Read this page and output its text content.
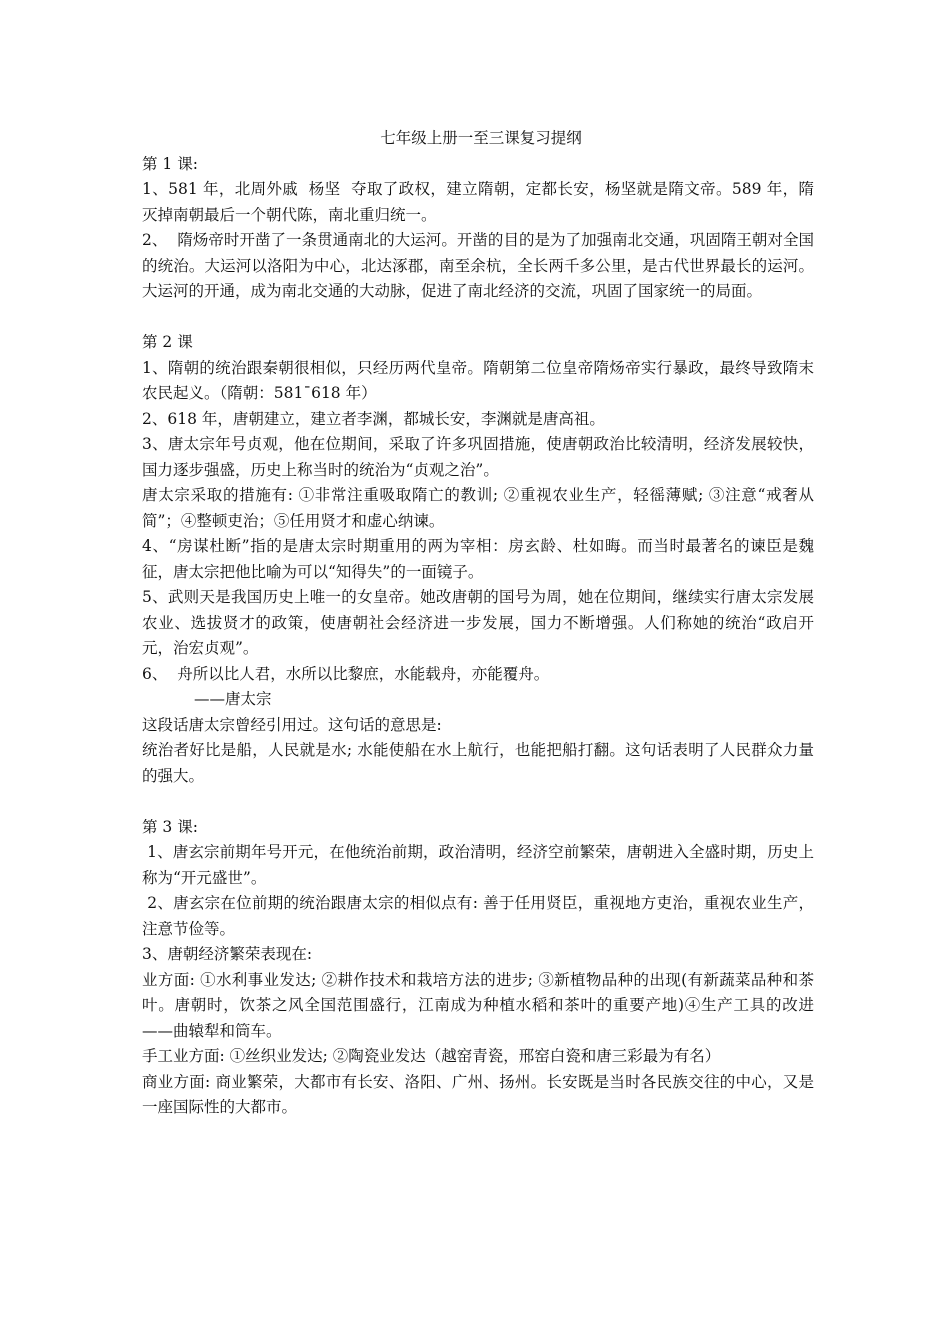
七年级上册一至三课复习提纲

第 1 课:

1、581 年，北周外戚  杨坚  夺取了政权，建立隋朝，定都长安，杨坚就是隋文帝。589 年，隋灭掉南朝最后一个朝代陈，南北重归统一。

2、  隋炀帝时开凿了一条贯通南北的大运河。开凿的目的是为了加强南北交通，巩固隋王朝对全国的统治。大运河以洛阳为中心，北达涿郡，南至余杭，全长两千多公里，是古代世界最长的运河。大运河的开通，成为南北交通的大动脉，促进了南北经济的交流，巩固了国家统一的局面。

第 2 课

1、隋朝的统治跟秦朝很相似，只经历两代皇帝。隋朝第二位皇帝隋炀帝实行暴政，最终导致隋末农民起义。（隋朝：581¯618 年）

2、618 年，唐朝建立，建立者李渊，都城长安，李渊就是唐高祖。

3、唐太宗年号贞观，他在位期间，采取了许多巩固措施，使唐朝政治比较清明，经济发展较快，国力逐步强盛，历史上称当时的统治为“贞观之治”。

唐太宗采取的措施有: ①非常注重吸取隋亡的教训; ②重视农业生产，轻徭薄赋; ③注意“戒奢从简”；④整顿吏治；⑤任用贤才和虚心纳谏。

4、“房谋杜断”指的是唐太宗时期重用的两为宰相：房玄龄、杜如晦。而当时最著名的谏臣是魏征，唐太宗把他比喻为可以“知得失”的一面镜子。

5、武则天是我国历史上唯一的女皇帝。她改唐朝的国号为周，她在位期间，继续实行唐太宗发展农业、选拔贤才的政策，使唐朝社会经济进一步发展，国力不断增强。人们称她的统治“政启开元，治宏贞观”。

6、  舟所以比人君，水所以比黎庶，水能载舟，亦能覆舟。

——唐太宗

这段话唐太宗曾经引用过。这句话的意思是:

统治者好比是船，人民就是水; 水能使船在水上航行，也能把船打翻。这句话表明了人民群众力量的强大。

第 3 课:

1、唐玄宗前期年号开元，在他统治前期，政治清明，经济空前繁荣，唐朝进入全盛时期，历史上称为“开元盛世”。

2、唐玄宗在位前期的统治跟唐太宗的相似点有: 善于任用贤臣，重视地方吏治，重视农业生产，注意节俭等。

3、唐朝经济繁荣表现在:

业方面: ①水利事业发达; ②耕作技术和栽培方法的进步; ③新植物品种的出现(有新蔬菜品种和茶叶。唐朝时，饮茶之风全国范围盛行，江南成为种植水稻和茶叶的重要产地)④生产工具的改进——曲辕犁和筒车。

手工业方面: ①丝织业发达; ②陶瓷业发达（越窑青瓷，邢窑白瓷和唐三彩最为有名）

商业方面: 商业繁荣，大都市有长安、洛阳、广州、扬州。长安既是当时各民族交往的中心，又是一座国际性的大都市。
